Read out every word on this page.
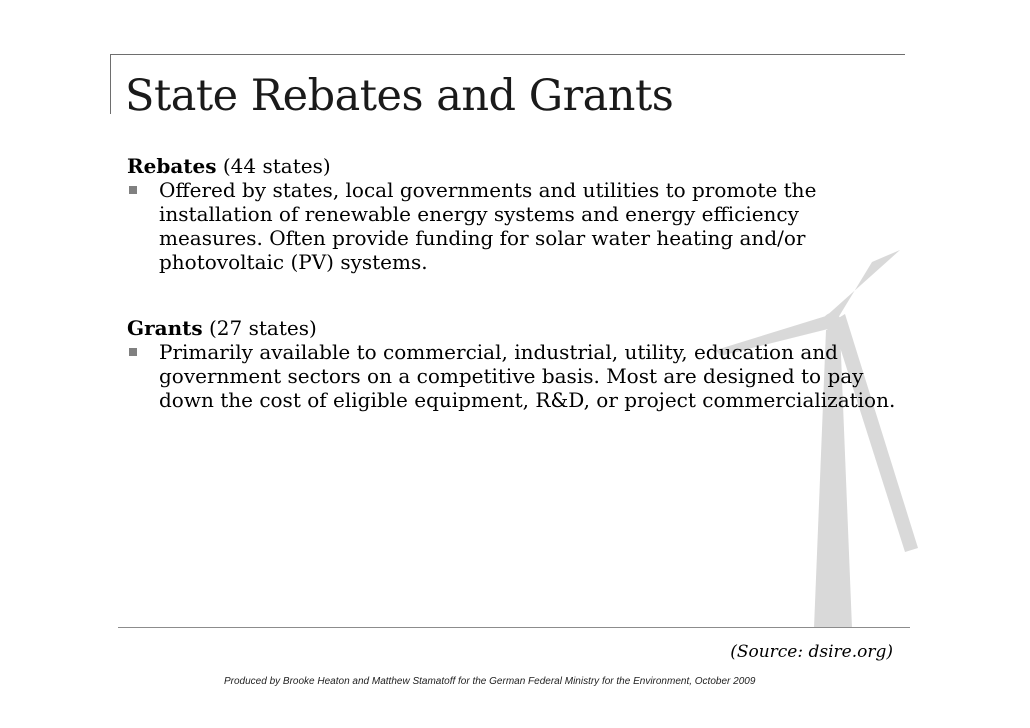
State Rebates and Grants

Rebates (44 states)

Offered by states, local governments and utilities to promote the installation of renewable energy systems and energy efficiency measures. Often provide funding for solar water heating and/or photovoltaic (PV) systems.

Grants (27 states)

Primarily available to commercial, industrial, utility, education and government sectors on a competitive basis. Most are designed to pay down the cost of eligible equipment, R&D, or project commercialization.

(Source: dsire.org)
Produced by Brooke Heaton and Matthew Stamatoff for the German Federal Ministry for the Environment, October 2009
